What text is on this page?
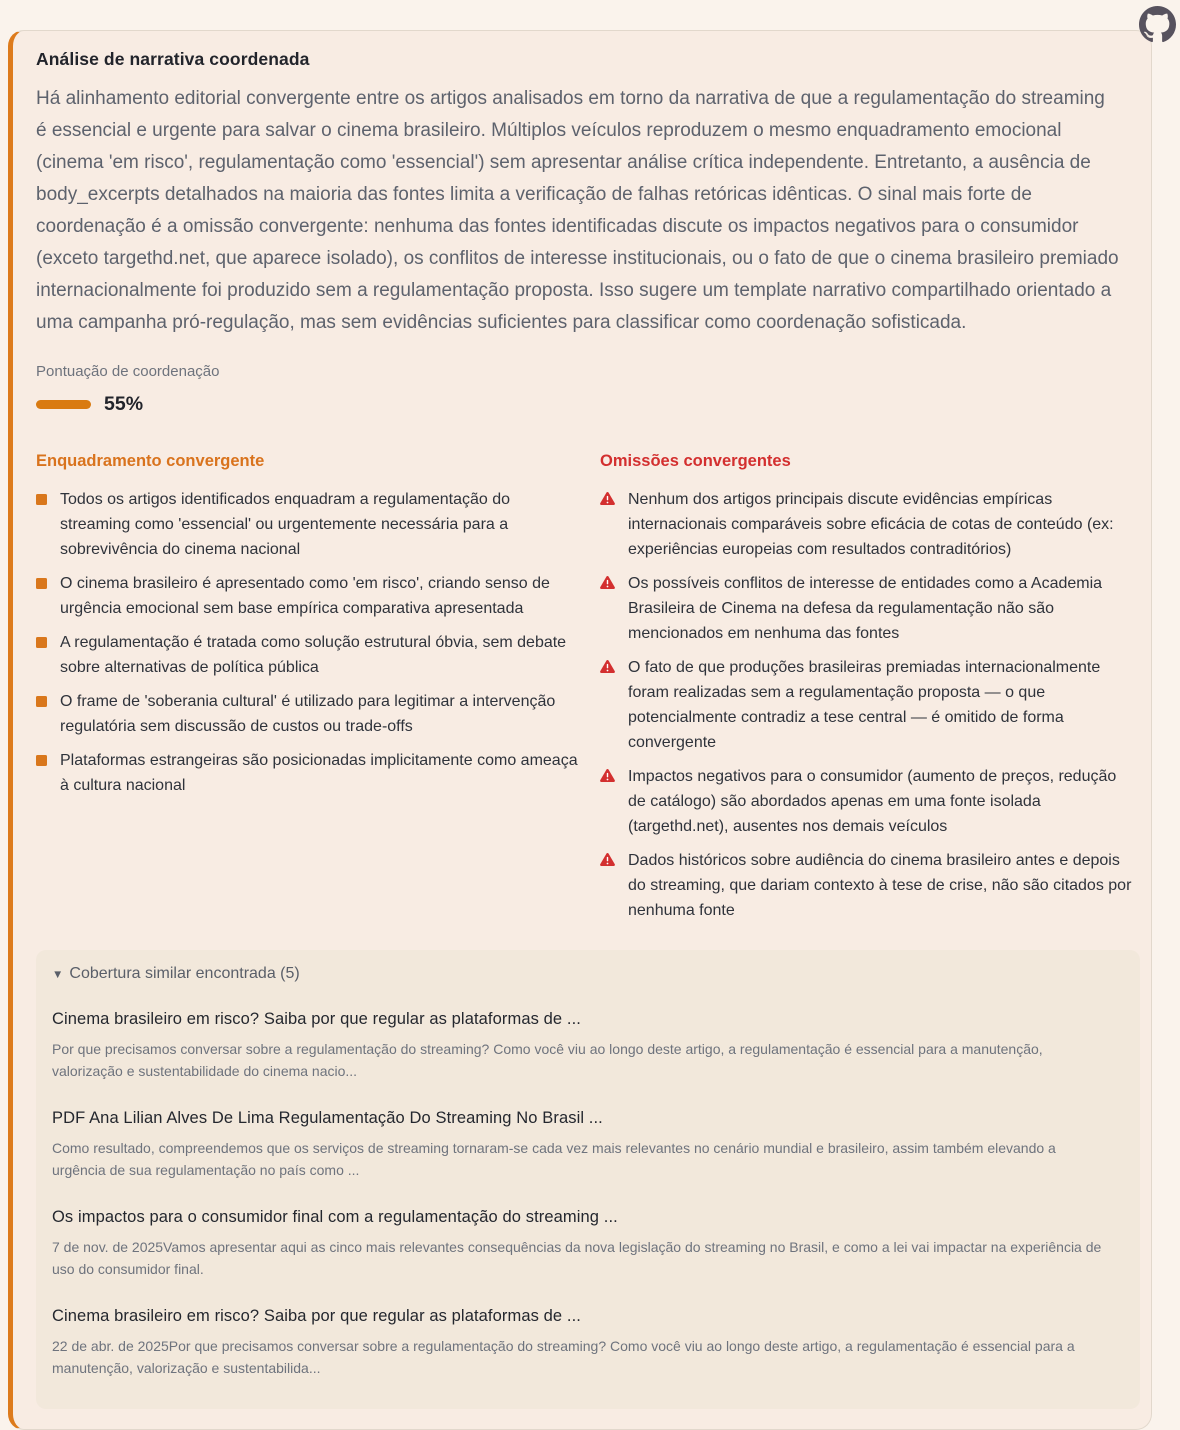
Análise de narrativa coordenada

Há alinhamento editorial convergente entre os artigos analisados em torno da narrativa de que a regulamentação do streaming é essencial e urgente para salvar o cinema brasileiro. Múltiplos veículos reproduzem o mesmo enquadramento emocional (cinema 'em risco', regulamentação como 'essencial') sem apresentar análise crítica independente. Entretanto, a ausência de body_excerpts detalhados na maioria das fontes limita a verificação de falhas retóricas idênticas. O sinal mais forte de coordenação é a omissão convergente: nenhuma das fontes identificadas discute os impactos negativos para o consumidor (exceto targethd.net, que aparece isolado), os conflitos de interesse institucionais, ou o fato de que o cinema brasileiro premiado internacionalmente foi produzido sem a regulamentação proposta. Isso sugere um template narrativo compartilhado orientado a uma campanha pró-regulação, mas sem evidências suficientes para classificar como coordenação sofisticada.

Pontuação de coordenação
55%
Enquadramento convergente
Todos os artigos identificados enquadram a regulamentação do streaming como 'essencial' ou urgentemente necessária para a sobrevivência do cinema nacional
O cinema brasileiro é apresentado como 'em risco', criando senso de urgência emocional sem base empírica comparativa apresentada
A regulamentação é tratada como solução estrutural óbvia, sem debate sobre alternativas de política pública
O frame de 'soberania cultural' é utilizado para legitimar a intervenção regulatória sem discussão de custos ou trade-offs
Plataformas estrangeiras são posicionadas implicitamente como ameaça à cultura nacional
Omissões convergentes
Nenhum dos artigos principais discute evidências empíricas internacionais comparáveis sobre eficácia de cotas de conteúdo (ex: experiências europeias com resultados contraditórios)
Os possíveis conflitos de interesse de entidades como a Academia Brasileira de Cinema na defesa da regulamentação não são mencionados em nenhuma das fontes
O fato de que produções brasileiras premiadas internacionalmente foram realizadas sem a regulamentação proposta — o que potencialmente contradiz a tese central — é omitido de forma convergente
Impactos negativos para o consumidor (aumento de preços, redução de catálogo) são abordados apenas em uma fonte isolada (targethd.net), ausentes nos demais veículos
Dados históricos sobre audiência do cinema brasileiro antes e depois do streaming, que dariam contexto à tese de crise, não são citados por nenhuma fonte
▼ Cobertura similar encontrada (5)
Cinema brasileiro em risco? Saiba por que regular as plataformas de ...
Por que precisamos conversar sobre a regulamentação do streaming? Como você viu ao longo deste artigo, a regulamentação é essencial para a manutenção, valorização e sustentabilidade do cinema nacio...
PDF Ana Lilian Alves De Lima Regulamentação Do Streaming No Brasil ...
Como resultado, compreendemos que os serviços de streaming tornaram-se cada vez mais relevantes no cenário mundial e brasileiro, assim também elevando a urgência de sua regulamentação no país como ...
Os impactos para o consumidor final com a regulamentação do streaming ...
7 de nov. de 2025Vamos apresentar aqui as cinco mais relevantes consequências da nova legislação do streaming no Brasil, e como a lei vai impactar na experiência de uso do consumidor final.
Cinema brasileiro em risco? Saiba por que regular as plataformas de ...
22 de abr. de 2025Por que precisamos conversar sobre a regulamentação do streaming? Como você viu ao longo deste artigo, a regulamentação é essencial para a manutenção, valorização e sustentabilida...
